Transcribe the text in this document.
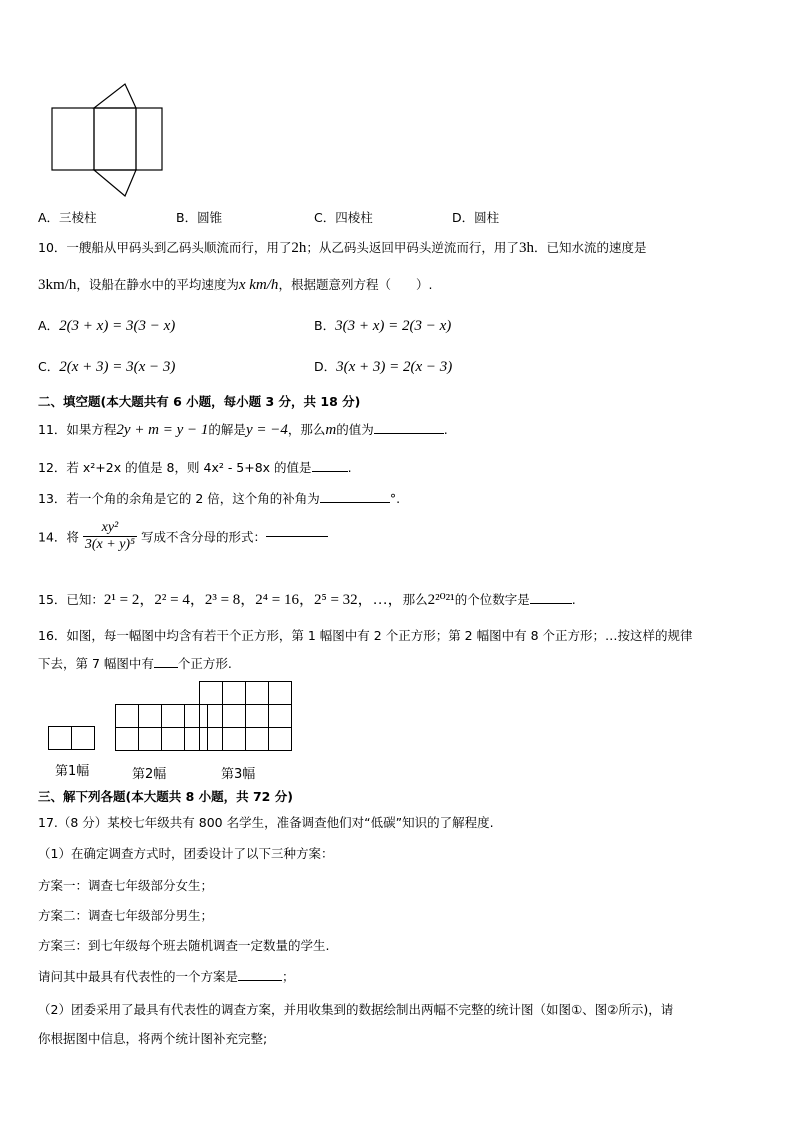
A．三棱柱	B．圆锥	C．四棱柱	D．圆柱
10．一艘船从甲码头到乙码头顺流而行，用了2h；从乙码头返回甲码头逆流而行，用了3h．已知水流的速度是
3km/h，设船在静水中的平均速度为x km/h，根据题意列方程（　　）.
A．2(3 + x) = 3(3 − x)	B．3(3 + x) = 2(3 − x)
C．2(x + 3) = 3(x − 3)	D．3(x + 3) = 2(x − 3)
二、填空题(本大题共有 6 小题，每小题 3 分，共 18 分)
11．如果方程2y + m = y − 1的解是y = −4，那么m的值为	.
12．若 x²+2x 的值是 8，则 4x² ‐ 5+8x 的值是	.
13．若一个角的余角是它的 2 倍，这个角的补角为	°.
14．将 $\frac{\text{xy²}}{\text{3(x + y)⁵}}$ 写成不含分母的形式：
15．已知：2¹ = 2，2² = 4，2³ = 8，2⁴ = 16，2⁵ = 32，…，那么2²⁰²¹的个位数字是	.
16．如图，每一幅图中均含有若干个正方形，第 1 幅图中有 2 个正方形；第 2 幅图中有 8 个正方形；…按这样的规律
下去，第 7 幅图中有 个正方形.

第1幅	第2幅	第3幅
三、解下列各题(本大题共 8 小题，共 72 分)
17.（8 分）某校七年级共有 800 名学生，准备调查他们对“低碳”知识的了解程度.
（1）在确定调查方式时，团委设计了以下三种方案：
方案一：调查七年级部分女生；
方案二：调查七年级部分男生；
方案三：到七年级每个班去随机调查一定数量的学生.
请问其中最具有代表性的一个方案是	；
（2）团委采用了最具有代表性的调查方案，并用收集到的数据绘制出两幅不完整的统计图（如图①、图②所示)，请
你根据图中信息，将两个统计图补充完整;
